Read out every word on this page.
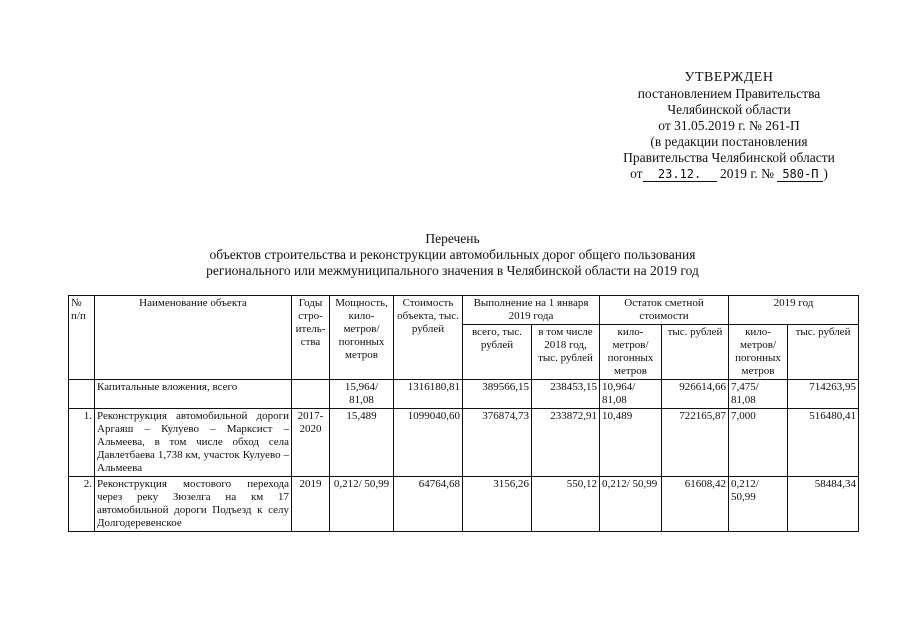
УТВЕРЖДЕН
постановлением Правительства
Челябинской области
от 31.05.2019 г. № 261-П
(в редакции постановления
Правительства Челябинской области
от 23.12. 2019 г. № 580-П )
Перечень
объектов строительства и реконструкции автомобильных дорог общего пользования
регионального или межмуниципального значения в Челябинской области на 2019 год
№ п/п	Наименование объекта	Годы стро-итель-ства	Мощность, кило-метров/ погонных метров	Стоимость объекта, тыс. рублей	Выполнение на 1 января 2019 года		Остаток сметной стоимости		2019 год	
					всего, тыс. рублей	в том числе 2018 год, тыс. рублей	кило-метров/ погонных метров	тыс. рублей	кило-метров/ погонных метров	тыс. рублей
	Капитальные вложения, всего		15,964/ 81,08	1316180,81	389566,15	238453,15	10,964/ 81,08	926614,66	7,475/ 81,08	714263,95
1.	Реконструкция автомобильной дороги Аргаяш – Кулуево – Марксист – Альмеева, в том числе обход села Давлетбаева 1,738 км, участок Кулуево – Альмеева	2017-2020	15,489	1099040,60	376874,73	233872,91	10,489	722165,87	7,000	516480,41
2.	Реконструкция мостового перехода через реку Зюзелга на км 17 автомобильной дороги Подъезд к селу Долгодеревенское	2019	0,212/ 50,99	64764,68	3156,26	550,12	0,212/ 50,99	61608,42	0,212/ 50,99	58484,34
